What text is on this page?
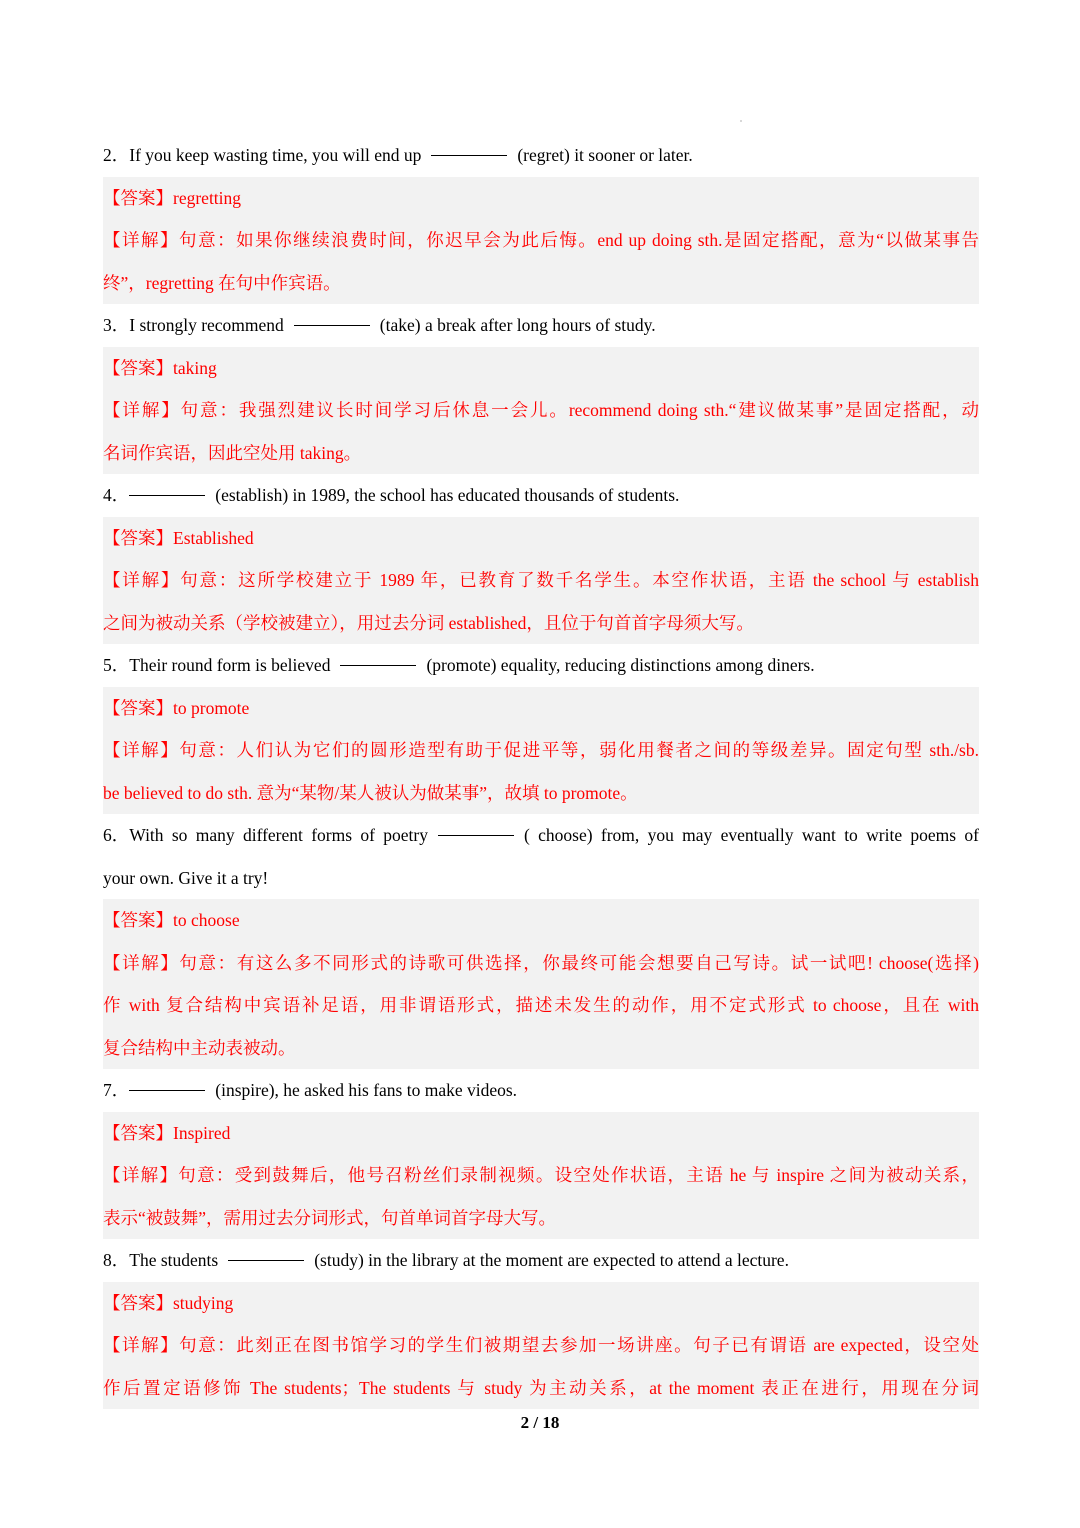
2．If you keep wasting time, you will end up	(regret) it sooner or later.
【答案】regretting
【详解】句意：如果你继续浪费时间，你迟早会为此后悔。end up doing sth.是固定搭配，意为“以做某事告
终”，regretting 在句中作宾语。
3．I strongly recommend	(take) a break after long hours of study.
【答案】taking
【详解】句意：我强烈建议长时间学习后休息一会儿。recommend doing sth.“建议做某事”是固定搭配，动
名词作宾语，因此空处用 taking。
4．	(establish) in 1989, the school has educated thousands of students.
【答案】Established
【详解】句意：这所学校建立于 1989 年，已教育了数千名学生。本空作状语，主语 the school 与 establish
之间为被动关系（学校被建立），用过去分词 established，且位于句首首字母须大写。
5．Their round form is believed	(promote) equality, reducing distinctions among diners.
【答案】to promote
【详解】句意：人们认为它们的圆形造型有助于促进平等，弱化用餐者之间的等级差异。固定句型 sth./sb.
be believed to do sth. 意为“某物/某人被认为做某事”，故填 to promote。
6．With so many different forms of poetry	( choose) from, you may eventually want to write poems of
your own. Give it a try!
【答案】to choose
【详解】句意：有这么多不同形式的诗歌可供选择，你最终可能会想要自己写诗。试一试吧! choose(选择)
作 with 复合结构中宾语补足语，用非谓语形式，描述未发生的动作，用不定式形式 to choose，且在 with
复合结构中主动表被动。
7．	(inspire), he asked his fans to make videos.
【答案】Inspired
【详解】句意：受到鼓舞后，他号召粉丝们录制视频。设空处作状语，主语 he 与 inspire 之间为被动关系，
表示“被鼓舞”，需用过去分词形式，句首单词首字母大写。
8．The students	(study) in the library at the moment are expected to attend a lecture.
【答案】studying
【详解】句意：此刻正在图书馆学习的学生们被期望去参加一场讲座。句子已有谓语 are expected，设空处
作后置定语修饰 The students；The students 与 study 为主动关系，at the moment 表正在进行，用现在分词
2 / 18
